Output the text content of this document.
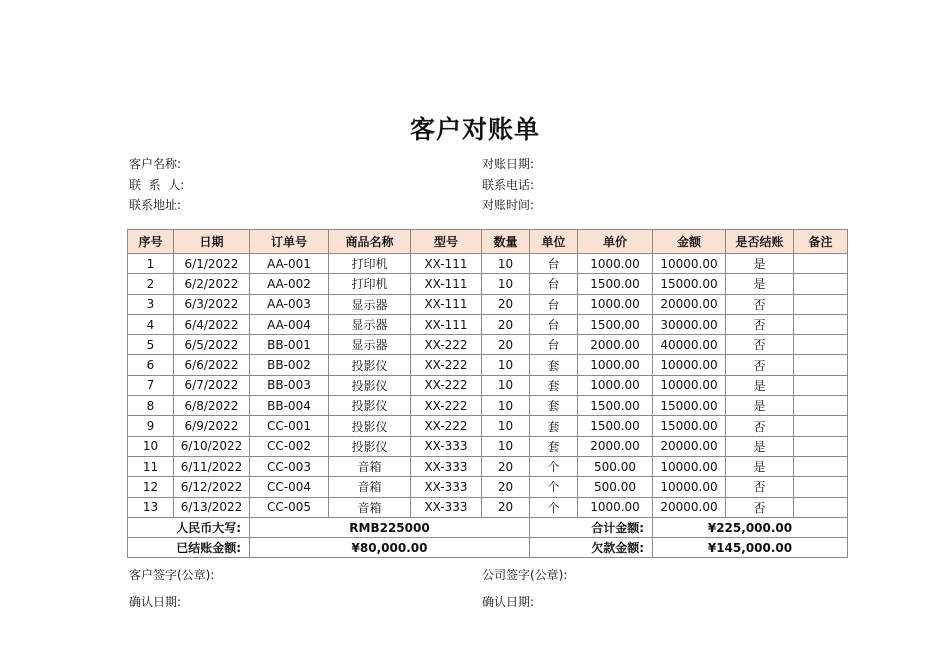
客户对账单
客户名称:
联  系  人:
联系地址:
对账日期:
联系电话:
对账时间:
序号	日期	订单号	商品名称	型号	数量	单位	单价	金额	是否结账	备注
1	6/1/2022	AA-001	打印机	XX-111	10	台	1000.00	10000.00	是	
2	6/2/2022	AA-002	打印机	XX-111	10	台	1500.00	15000.00	是	
3	6/3/2022	AA-003	显示器	XX-111	20	台	1000.00	20000.00	否	
4	6/4/2022	AA-004	显示器	XX-111	20	台	1500.00	30000.00	否	
5	6/5/2022	BB-001	显示器	XX-222	20	台	2000.00	40000.00	否	
6	6/6/2022	BB-002	投影仪	XX-222	10	套	1000.00	10000.00	否	
7	6/7/2022	BB-003	投影仪	XX-222	10	套	1000.00	10000.00	是	
8	6/8/2022	BB-004	投影仪	XX-222	10	套	1500.00	15000.00	是	
9	6/9/2022	CC-001	投影仪	XX-222	10	套	1500.00	15000.00	否	
10	6/10/2022	CC-002	投影仪	XX-333	10	套	2000.00	20000.00	是	
11	6/11/2022	CC-003	音箱	XX-333	20	个	500.00	10000.00	是	
12	6/12/2022	CC-004	音箱	XX-333	20	个	500.00	10000.00	否	
13	6/13/2022	CC-005	音箱	XX-333	20	个	1000.00	20000.00	否	
人民币大写:		RMB225000				合计金额:		¥225,000.00		
已结账金额:		¥80,000.00				欠款金额:		¥145,000.00		
客户签字(公章):	公司签字(公章):
确认日期:	确认日期:
